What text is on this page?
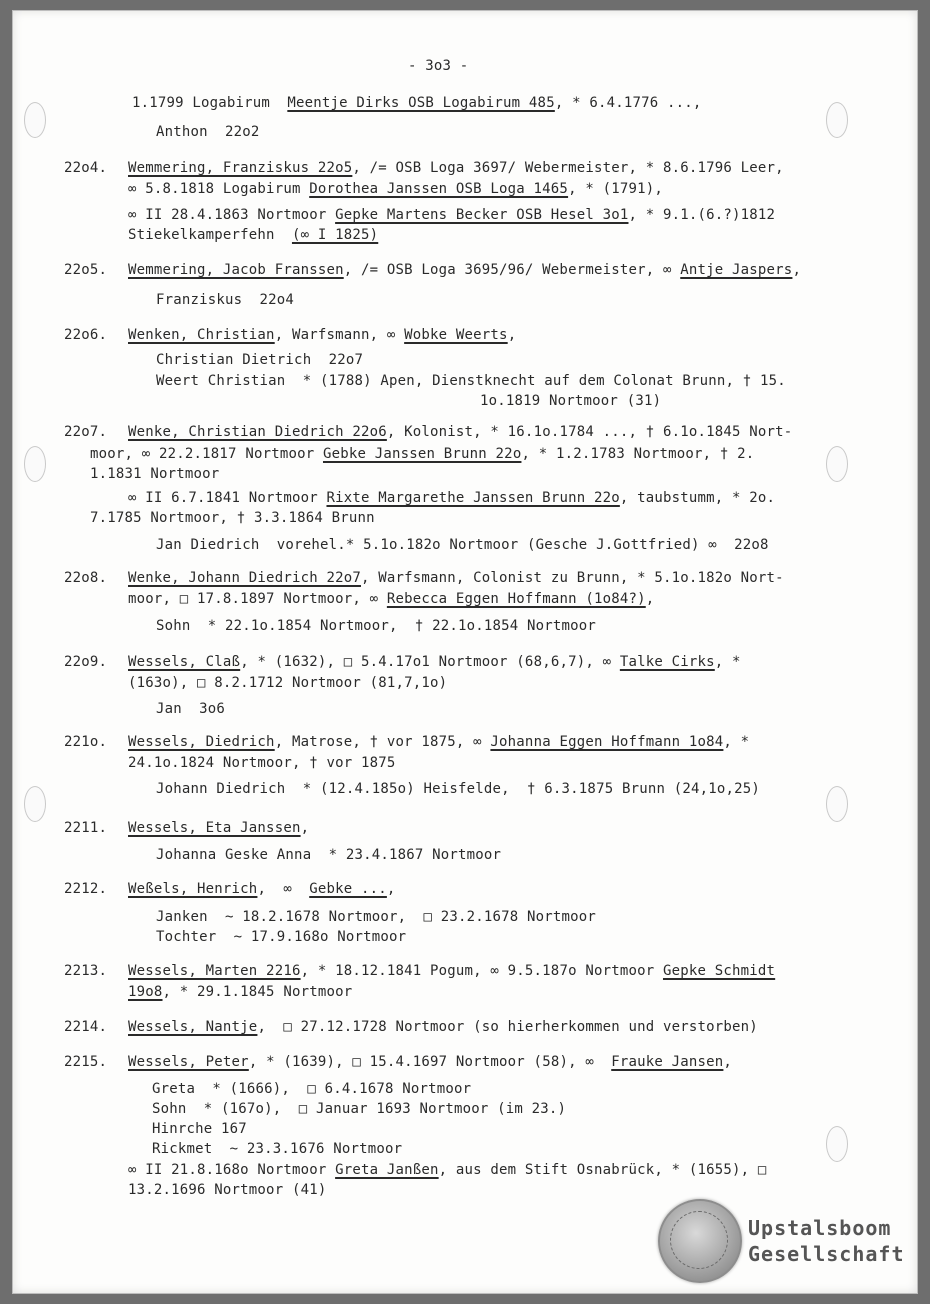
- 3o3 -
1.1799 Logabirum  Meentje Dirks OSB Logabirum 485, * 6.4.1776 ...,
Anthon  22o2
22o4. Wemmering, Franziskus 22o5, /= OSB Loga 3697/ Webermeister, * 8.6.1796 Leer,
∞ 5.8.1818 Logabirum Dorothea Janssen OSB Loga 1465, * (1791),
∞ II 28.4.1863 Nortmoor Gepke Martens Becker OSB Hesel 3o1, * 9.1.(6.?)1812
Stiekelkamperfehn  (∞ I 1825)
22o5. Wemmering, Jacob Franssen, /= OSB Loga 3695/96/ Webermeister, ∞ Antje Jaspers,
Franziskus  22o4
22o6. Wenken, Christian, Warfsmann, ∞ Wobke Weerts,
Christian Dietrich  22o7
Weert Christian  * (1788) Apen, Dienstknecht auf dem Colonat Brunn, † 15.
1o.1819 Nortmoor (31)
22o7. Wenke, Christian Diedrich 22o6, Kolonist, * 16.1o.1784 ..., † 6.1o.1845 Nort-
moor, ∞ 22.2.1817 Nortmoor Gebke Janssen Brunn 22o, * 1.2.1783 Nortmoor, † 2.
1.1831 Nortmoor
∞ II 6.7.1841 Nortmoor Rixte Margarethe Janssen Brunn 22o, taubstumm, * 2o.
7.1785 Nortmoor, † 3.3.1864 Brunn
Jan Diedrich  vorehel.* 5.1o.182o Nortmoor (Gesche J.Gottfried) ∞  22o8
22o8. Wenke, Johann Diedrich 22o7, Warfsmann, Colonist zu Brunn, * 5.1o.182o Nort-
moor, □ 17.8.1897 Nortmoor, ∞ Rebecca Eggen Hoffmann (1o84?),
Sohn  * 22.1o.1854 Nortmoor,  † 22.1o.1854 Nortmoor
22o9. Wessels, Claß, * (1632), □ 5.4.17o1 Nortmoor (68,6,7), ∞ Talke Cirks, *
(163o), □ 8.2.1712 Nortmoor (81,7,1o)
Jan  3o6
221o. Wessels, Diedrich, Matrose, † vor 1875, ∞ Johanna Eggen Hoffmann 1o84, *
24.1o.1824 Nortmoor, † vor 1875
Johann Diedrich  * (12.4.185o) Heisfelde,  † 6.3.1875 Brunn (24,1o,25)
2211. Wessels, Eta Janssen,
Johanna Geske Anna  * 23.4.1867 Nortmoor
2212. Weßels, Henrich,  ∞  Gebke ...,
Janken  ~ 18.2.1678 Nortmoor,  □ 23.2.1678 Nortmoor
Tochter  ~ 17.9.168o Nortmoor
2213. Wessels, Marten 2216, * 18.12.1841 Pogum, ∞ 9.5.187o Nortmoor Gepke Schmidt
19o8, * 29.1.1845 Nortmoor
2214. Wessels, Nantje,  □ 27.12.1728 Nortmoor (so hierherkommen und verstorben)
2215. Wessels, Peter, * (1639), □ 15.4.1697 Nortmoor (58), ∞  Frauke Jansen,
Greta  * (1666),  □ 6.4.1678 Nortmoor
Sohn  * (167o),  □ Januar 1693 Nortmoor (im 23.)
Hinrche 167
Rickmet  ~ 23.3.1676 Nortmoor
∞ II 21.8.168o Nortmoor Greta Janßen, aus dem Stift Osnabrück, * (1655), □
13.2.1696 Nortmoor (41)
Upstalsboom
Gesellschaft
